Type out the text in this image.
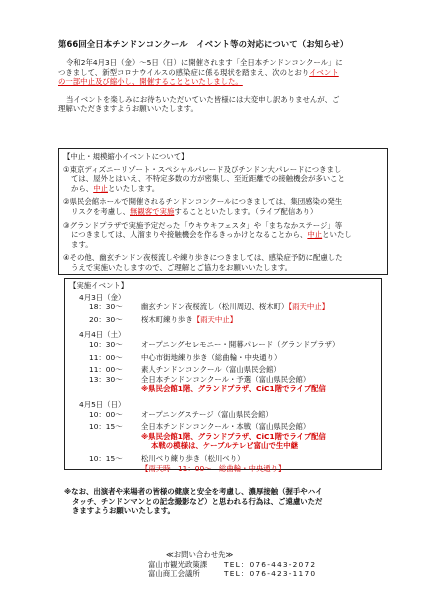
第66回全日本チンドンコンクール　イベント等の対応について（お知らせ）
令和2年4月3日（金）～5日（日）に開催されます「全日本チンドンコンクール」に
つきまして、新型コロナウイルスの感染症に係る現状を踏まえ、次のとおりイベント
の一部中止及び縮小し、開催することといたしました。
当イベントを楽しみにお待ちいただいていた皆様には大変申し訳ありませんが、ご
理解いただきますようお願いいたします。
【中止・規模縮小イベントについて】
①東京ディズニーリゾート・スペシャルパレード及びチンドン大パレードにつきまし
ては、屋外とはいえ、不特定多数の方が密集し、至近距離での接触機会が多いこと
から、中止といたします。
②県民会館ホールで開催されるチンドンコンクールにつきましては、集団感染の発生
リスクを考慮し、無観客で実施することといたします。（ライブ配信あり）
③グランドプラザで実施予定だった「ウキウキフェスタ」や「まちなかステージ」等
につきましては、人溜まりや接触機会を作るきっかけとなることから、中止といたし
ます。
④その他、幽玄チンドン夜桜流しや練り歩きにつきましては、感染症予防に配慮した
うえで実施いたしますので、ご理解とご協力をお願いいたします。
【実施イベント】
4月3日（金）
18：30～ 幽玄チンドン夜桜流し（松川周辺、桜木町）【雨天中止】
20：30～ 桜木町練り歩き【雨天中止】
4月4日（土）
10：30～ オープニングセレモニー・開幕パレード（グランドプラザ）
11：00～ 中心市街地練り歩き（総曲輪・中央通り）
11：00～ 素人チンドンコンクール（富山県民会館）
13：30～ 全日本チンドンコンクール・予選（富山県民会館）
※県民会館1階、グランドプラザ、CiC1階でライブ配信
4月5日（日）
10：00～ オープニングステージ（富山県民会館）
10：15～ 全日本チンドンコンクール・本戦（富山県民会館）
※県民会館1階、グランドプラザ、CiC1階でライブ配信
本戦の模様は、ケーブルテレビ富山で生中継
10：15～ 松川べり練り歩き（松川べり）
【雨天時　11：00～　総曲輪・中央通り】
※なお、出演者や来場者の皆様の健康と安全を考慮し、濃厚接触（握手やハイ
タッチ、チンドンマンとの記念撮影など）と思われる行為は、ご遠慮いただ
きますようお願いいたします。
≪お問い合わせ先≫
富山市観光政策課 TEL：076-443-2072
富山商工会議所	TEL：076-423-1170
